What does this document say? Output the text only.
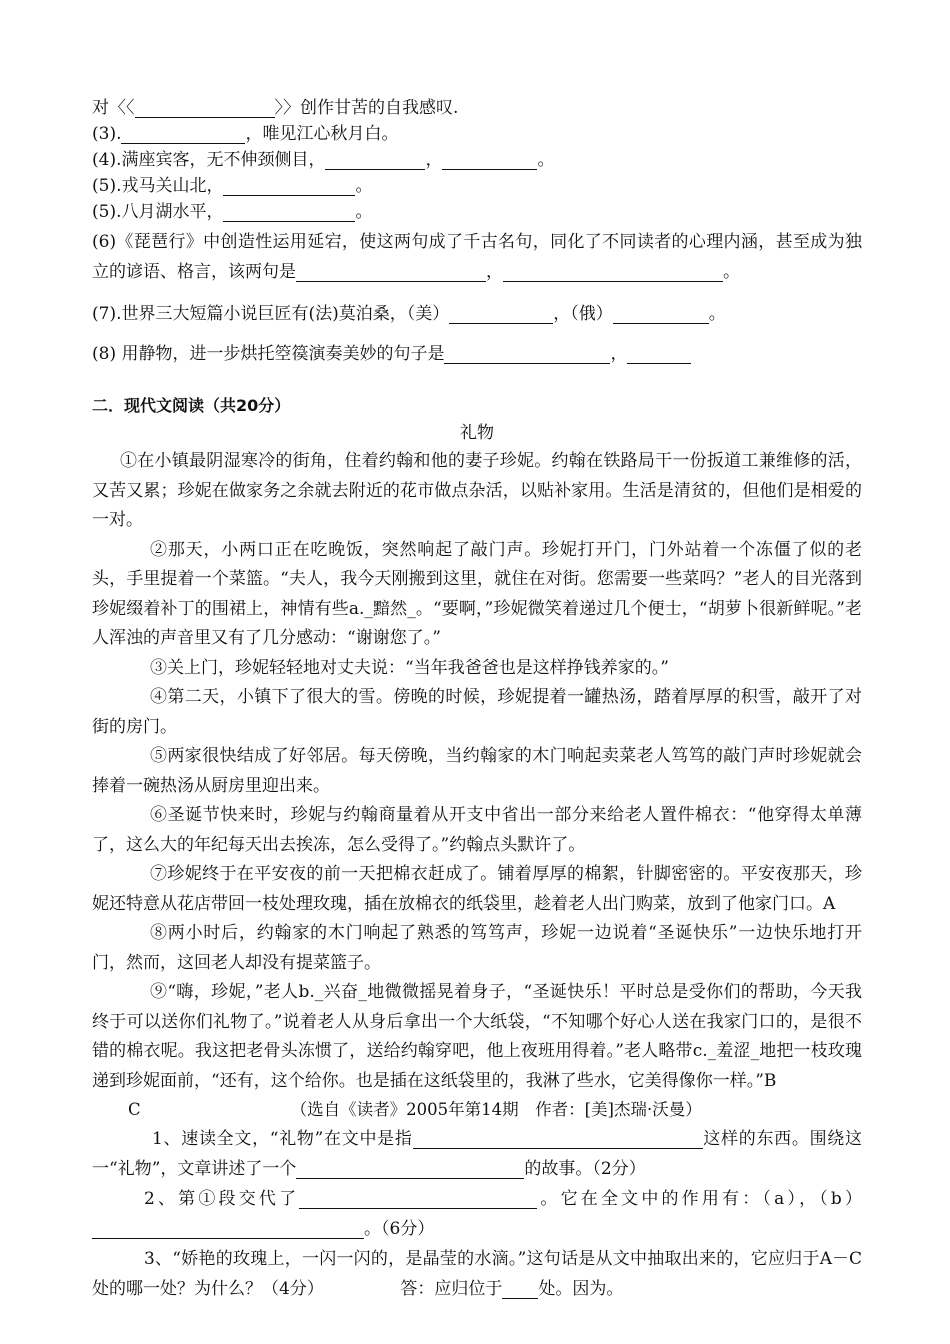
对〈〈	〉〉创作甘苦的自我感叹.
(3).	，唯见江心秋月白。
(4).满座宾客，无不伸颈侧目，	，	。
(5).戎马关山北，	。
(5).八月湖水平，	。
(6)《琵琶行》中创造性运用延宕，使这两句成了千古名句，同化了不同读者的心理内涵，甚至成为独立的谚语、格言，该两句是	，	。
(7).世界三大短篇小说巨匠有(法)莫泊桑，（美）	，（俄）	。
(8) 用静物，进一步烘托箜篌演奏美妙的句子是	，
二．现代文阅读（共20分）
礼物

①在小镇最阴湿寒冷的街角，住着约翰和他的妻子珍妮。约翰在铁路局干一份扳道工兼维修的活，又苦又累；珍妮在做家务之余就去附近的花市做点杂活，以贴补家用。生活是清贫的，但他们是相爱的一对。

②那天，小两口正在吃晚饭，突然响起了敲门声。珍妮打开门，门外站着一个冻僵了似的老头，手里提着一个菜篮。“夫人，我今天刚搬到这里，就住在对街。您需要一些菜吗？”老人的目光落到珍妮缀着补丁的围裙上，神情有些a._黯然_。“要啊，”珍妮微笑着递过几个便士，“胡萝卜很新鲜呢。”老人浑浊的声音里又有了几分感动：“谢谢您了。”

③关上门，珍妮轻轻地对丈夫说：“当年我爸爸也是这样挣钱养家的。”

④第二天，小镇下了很大的雪。傍晚的时候，珍妮提着一罐热汤，踏着厚厚的积雪，敲开了对街的房门。

⑤两家很快结成了好邻居。每天傍晚，当约翰家的木门响起卖菜老人笃笃的敲门声时珍妮就会捧着一碗热汤从厨房里迎出来。

⑥圣诞节快来时，珍妮与约翰商量着从开支中省出一部分来给老人置件棉衣：“他穿得太单薄了，这么大的年纪每天出去挨冻，怎么受得了。”约翰点头默许了。

⑦珍妮终于在平安夜的前一天把棉衣赶成了。铺着厚厚的棉絮，针脚密密的。平安夜那天，珍妮还特意从花店带回一枝处理玫瑰，插在放棉衣的纸袋里，趁着老人出门购菜，放到了他家门口。A

⑧两小时后，约翰家的木门响起了熟悉的笃笃声，珍妮一边说着“圣诞快乐”一边快乐地打开门，然而，这回老人却没有提菜篮子。

⑨“嗨，珍妮，”老人b._兴奋_地微微摇晃着身子，“圣诞快乐！平时总是受你们的帮助，今天我终于可以送你们礼物了。”说着老人从身后拿出一个大纸袋，“不知哪个好心人送在我家门口的，是很不错的棉衣呢。我这把老骨头冻惯了，送给约翰穿吧，他上夜班用得着。”老人略带c._羞涩_地把一枝玫瑰递到珍妮面前，“还有，这个给你。也是插在这纸袋里的，我淋了些水，它美得像你一样。”B

C	（选自《读者》2005年第14期　作者：[美]杰瑞·沃曼）

1、速读全文，“礼物”在文中是指	这样的东西。围绕这一“礼物”，文章讲述了一个	的故事。（2分）

2、第①段交代了	。它在全文中的作用有：（a），（b）。（6分）

3、“娇艳的玫瑰上，一闪一闪的，是晶莹的水滴。”这句话是从文中抽取出来的，它应归于A－C处的哪一处？为什么？（4分）　　　　　答：应归位于 处。因为。
